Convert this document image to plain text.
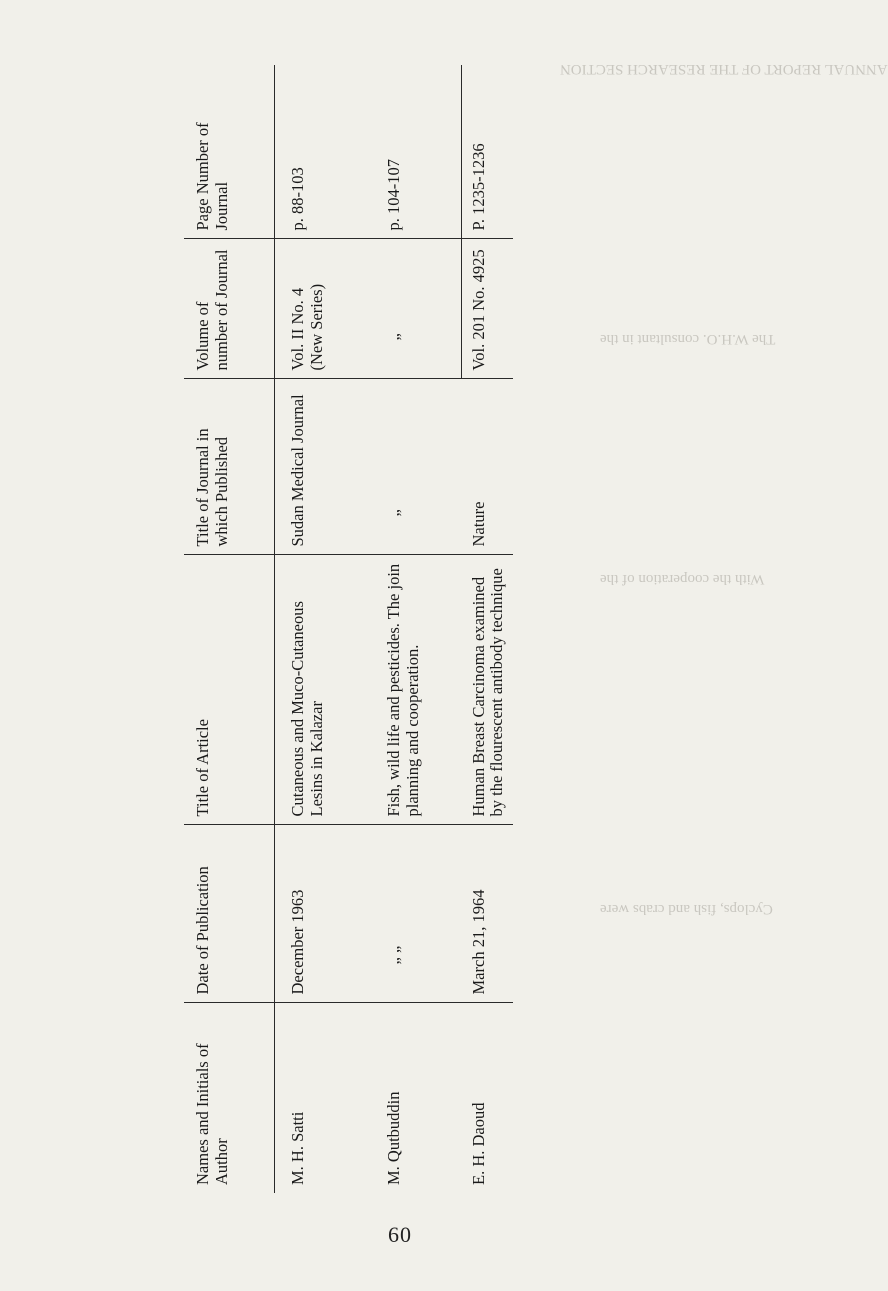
ANNUAL REPORT OF THE RESEARCH SECTION
The W.H.O. consultant in the
With the cooperation of the
Cyclops, fish and crabs were
Names and Initials of Author	Date of Publication	Title of Article	Title of Journal in which Published	Volume of number of Journal	Page Number of Journal
M. H. Satti	December 1963	Cutaneous and Muco-Cutaneous Lesins in Kalazar	Sudan Medical Journal	Vol. II No. 4 (New Series)	p. 88-103
M. Qutbuddin	„ „	Fish, wild life and pesticides. The join planning and cooperation.	„	„	p. 104-107
E. H. Daoud	March 21, 1964	Human Breast Carcinoma examined by the flourescent antibody technique	Nature	Vol. 201 No. 4925	P. 1235-1236
60
